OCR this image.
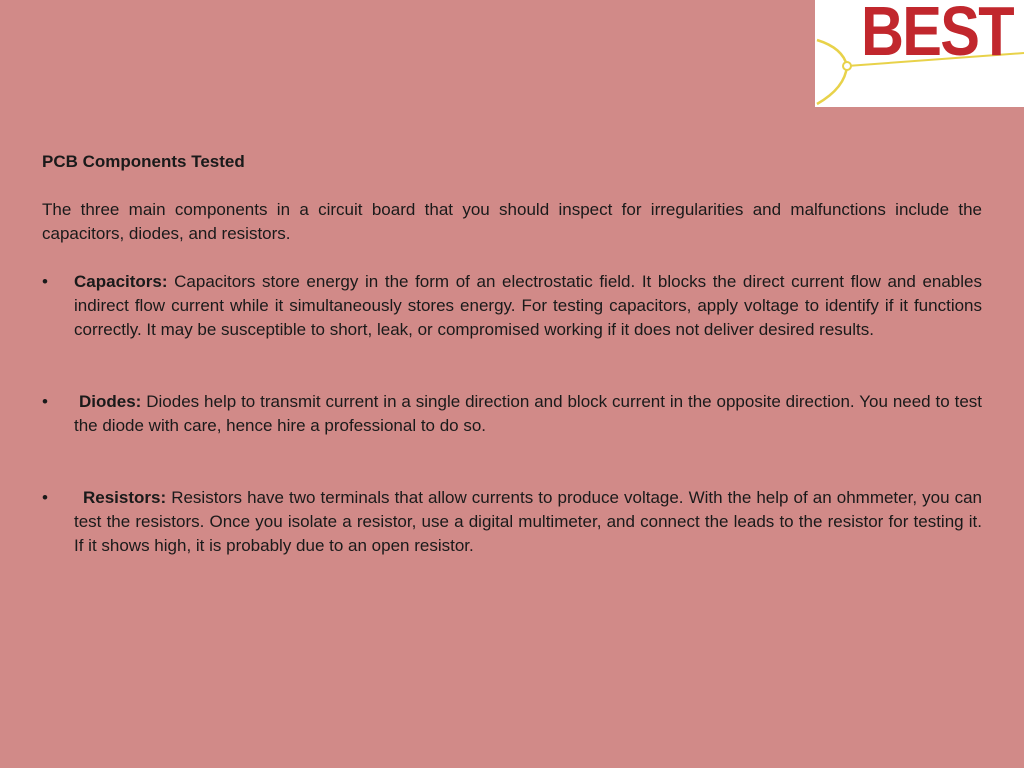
BEST

PCB Components Tested

The three main components in a circuit board that you should inspect for irregularities and malfunctions include the capacitors, diodes, and resistors.

• Capacitors: Capacitors store energy in the form of an electrostatic field. It blocks the direct current flow and enables indirect flow current while it simultaneously stores energy. For testing capacitors, apply voltage to identify if it functions correctly. It may be susceptible to short, leak, or compromised working if it does not deliver desired results.
• Diodes: Diodes help to transmit current in a single direction and block current in the opposite direction. You need to test the diode with care, hence hire a professional to do so.
• Resistors: Resistors have two terminals that allow currents to produce voltage. With the help of an ohmmeter, you can test the resistors. Once you isolate a resistor, use a digital multimeter, and connect the leads to the resistor for testing it. If it shows high, it is probably due to an open resistor.
